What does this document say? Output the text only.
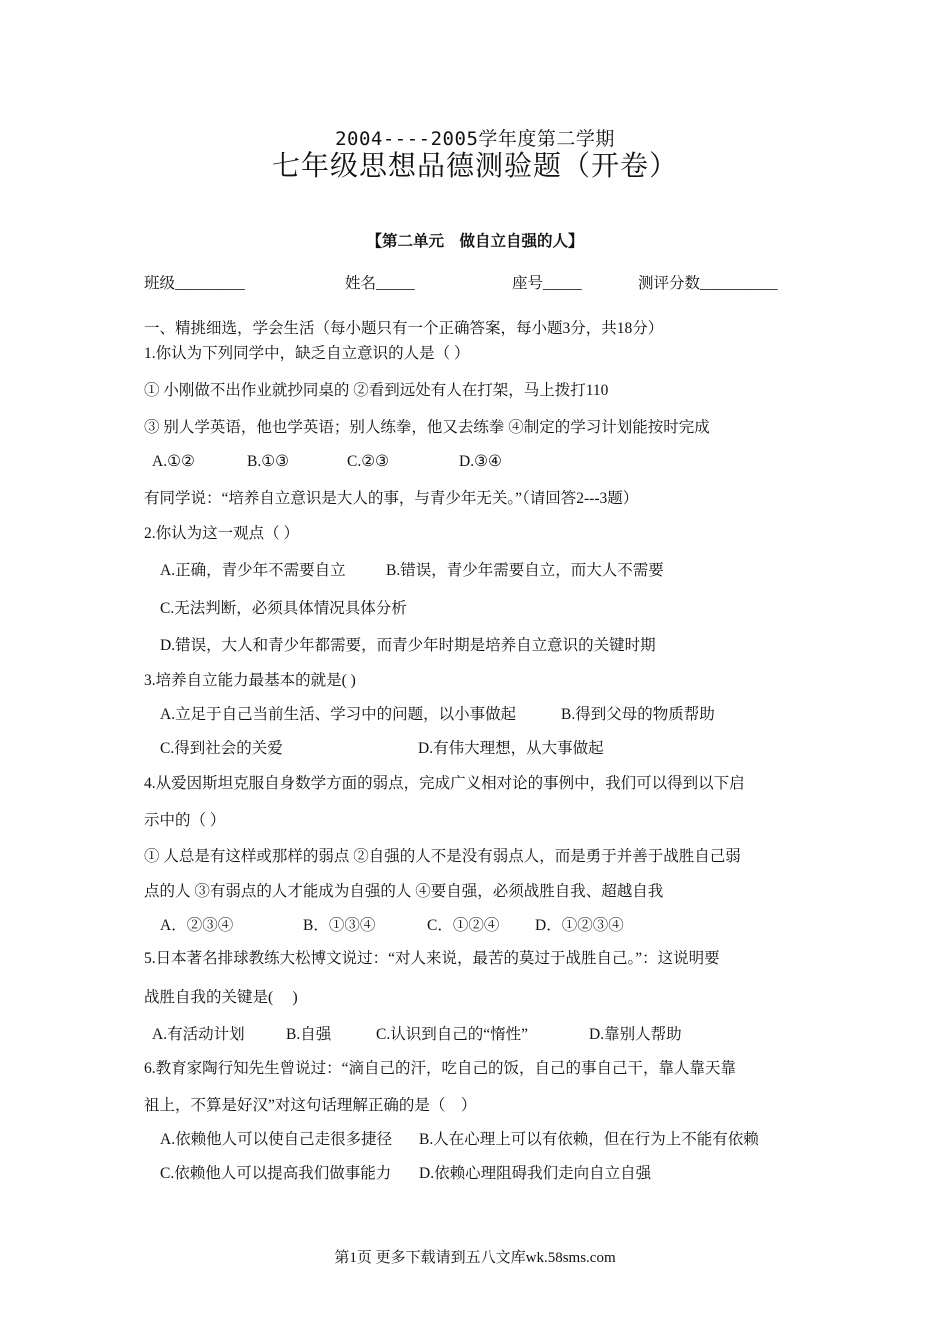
2004----2005学年度第二学期
七年级思想品德测验题（开卷）
【第二单元　做自立自强的人】
班级_________	姓名_____	座号_____	测评分数__________
一、精挑细选，学会生活（每小题只有一个正确答案，每小题3分，共18分）
1.你认为下列同学中，缺乏自立意识的人是（ ）
① 小刚做不出作业就抄同桌的 ②看到远处有人在打架，马上拨打110
③ 别人学英语，他也学英语；别人练拳，他又去练拳 ④制定的学习计划能按时完成
A.①②	B.①③	C.②③	D.③④
有同学说：“培养自立意识是大人的事，与青少年无关。”（请回答2---3题）
2.你认为这一观点（ ）
A.正确，青少年不需要自立	B.错误，青少年需要自立，而大人不需要
C.无法判断，必须具体情况具体分析
D.错误，大人和青少年都需要，而青少年时期是培养自立意识的关键时期
3.培养自立能力最基本的就是( )
A.立足于自己当前生活、学习中的问题，以小事做起	B.得到父母的物质帮助
C.得到社会的关爱	D.有伟大理想，从大事做起
4.从爱因斯坦克服自身数学方面的弱点，完成广义相对论的事例中，我们可以得到以下启
示中的（ ）
① 人总是有这样或那样的弱点 ②自强的人不是没有弱点人，而是勇于并善于战胜自己弱
点的人 ③有弱点的人才能成为自强的人 ④要自强，必须战胜自我、超越自我
A．②③④	B．①③④	C．①②④ D．①②③④
5.日本著名排球教练大松博文说过：“对人来说，最苦的莫过于战胜自己。”：这说明要
战胜自我的关键是(　 )
A.有活动计划	B.自强	C.认识到自己的“惰性”	D.靠别人帮助
6.教育家陶行知先生曾说过：“滴自己的汗，吃自己的饭，自己的事自己干，靠人靠天靠
祖上，不算是好汉”对这句话理解正确的是（　）
A.依赖他人可以使自己走很多捷径 B.人在心理上可以有依赖，但在行为上不能有依赖
C.依赖他人可以提高我们做事能力 D.依赖心理阻碍我们走向自立自强
第1页 更多下载请到五八文库wk.58sms.com
